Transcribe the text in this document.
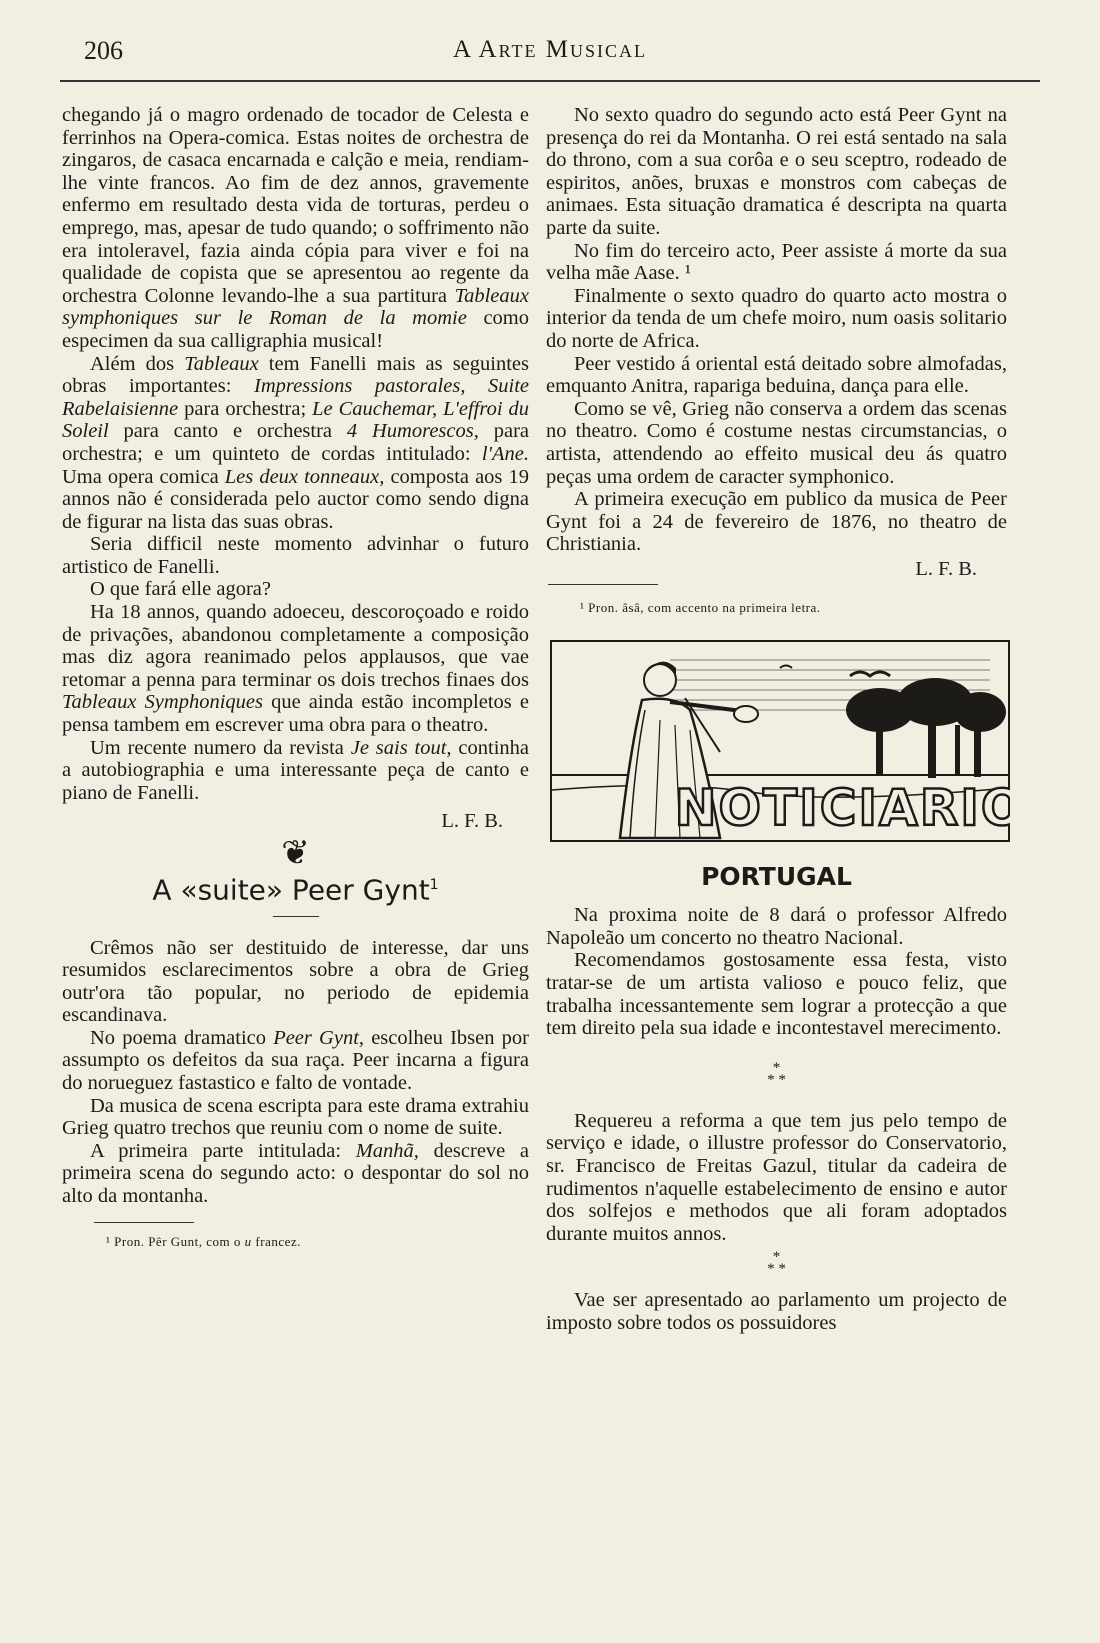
206	A Arte Musical

chegando já o magro ordenado de tocador de Celesta e ferrinhos na Opera-comica. Estas noites de orchestra de zingaros, de casaca encarnada e calção e meia, rendiam-lhe vinte francos. Ao fim de dez annos, gravemente enfermo em resultado desta vida de torturas, perdeu o emprego, mas, apesar de tudo quando; o soffrimento não era intoleravel, fazia ainda cópia para viver e foi na qualidade de copista que se apresentou ao regente da orchestra Colonne levando-lhe a sua partitura Tableaux symphoniques sur le Roman de la momie como especimen da sua calligraphia musical!

Além dos Tableaux tem Fanelli mais as seguintes obras importantes: Impressions pastorales, Suite Rabelaisienne para orchestra; Le Cauchemar, L'effroi du Soleil para canto e orchestra 4 Humorescos, para orchestra; e um quinteto de cordas intitulado: l'Ane. Uma opera comica Les deux tonneaux, composta aos 19 annos não é considerada pelo auctor como sendo digna de figurar na lista das suas obras.

Seria difficil neste momento advinhar o futuro artistico de Fanelli.

O que fará elle agora?

Ha 18 annos, quando adoeceu, descoroçoado e roido de privações, abandonou completamente a composição mas diz agora reanimado pelos applausos, que vae retomar a penna para terminar os dois trechos finaes dos Tableaux Symphoniques que ainda estão incompletos e pensa tambem em escrever uma obra para o theatro.

Um recente numero da revista Je sais tout, continha a autobiographia e uma interessante peça de canto e piano de Fanelli.

L. F. B.
❦
A «suite» Peer Gynt$^1$

Crêmos não ser destituido de interesse, dar uns resumidos esclarecimentos sobre a obra de Grieg outr'ora tão popular, no periodo de epidemia escandinava.

No poema dramatico Peer Gynt, escolheu Ibsen por assumpto os defeitos da sua raça. Peer incarna a figura do norueguez fastastico e falto de vontade.

Da musica de scena escripta para este drama extrahiu Grieg quatro trechos que reuniu com o nome de suite.

A primeira parte intitulada: Manhã, descreve a primeira scena do segundo acto: o despontar do sol no alto da montanha.

¹ Pron. Pêr Gunt, com o u francez.

No sexto quadro do segundo acto está Peer Gynt na presença do rei da Montanha. O rei está sentado na sala do throno, com a sua corôa e o seu sceptro, rodeado de espiritos, anões, bruxas e monstros com cabeças de animaes. Esta situação dramatica é descripta na quarta parte da suite.

No fim do terceiro acto, Peer assiste á morte da sua velha mãe Aase. ¹

Finalmente o sexto quadro do quarto acto mostra o interior da tenda de um chefe moiro, num oasis solitario do norte de Africa.

Peer vestido á oriental está deitado sobre almofadas, emquanto Anitra, rapariga beduina, dança para elle.

Como se vê, Grieg não conserva a ordem das scenas no theatro. Como é costume nestas circumstancias, o artista, attendendo ao effeito musical deu ás quatro peças uma ordem de caracter symphonico.

A primeira execução em publico da musica de Peer Gynt foi a 24 de fevereiro de 1876, no theatro de Christiania.

L. F. B.
¹ Pron. âsâ, com accento na primeira letra.
NOTICIARIO
PORTUGAL

Na proxima noite de 8 dará o professor Alfredo Napoleão um concerto no theatro Nacional.

Recomendamos gostosamente essa festa, visto tratar-se de um artista valioso e pouco feliz, que trabalha incessantemente sem lograr a protecção a que tem direito pela sua idade e incontestavel merecimento.

*
* *

Requereu a reforma a que tem jus pelo tempo de serviço e idade, o illustre professor do Conservatorio, sr. Francisco de Freitas Gazul, titular da cadeira de rudimentos n'aquelle estabelecimento de ensino e autor dos solfejos e methodos que ali foram adoptados durante muitos annos.

*
* *

Vae ser apresentado ao parlamento um projecto de imposto sobre todos os possuidores
